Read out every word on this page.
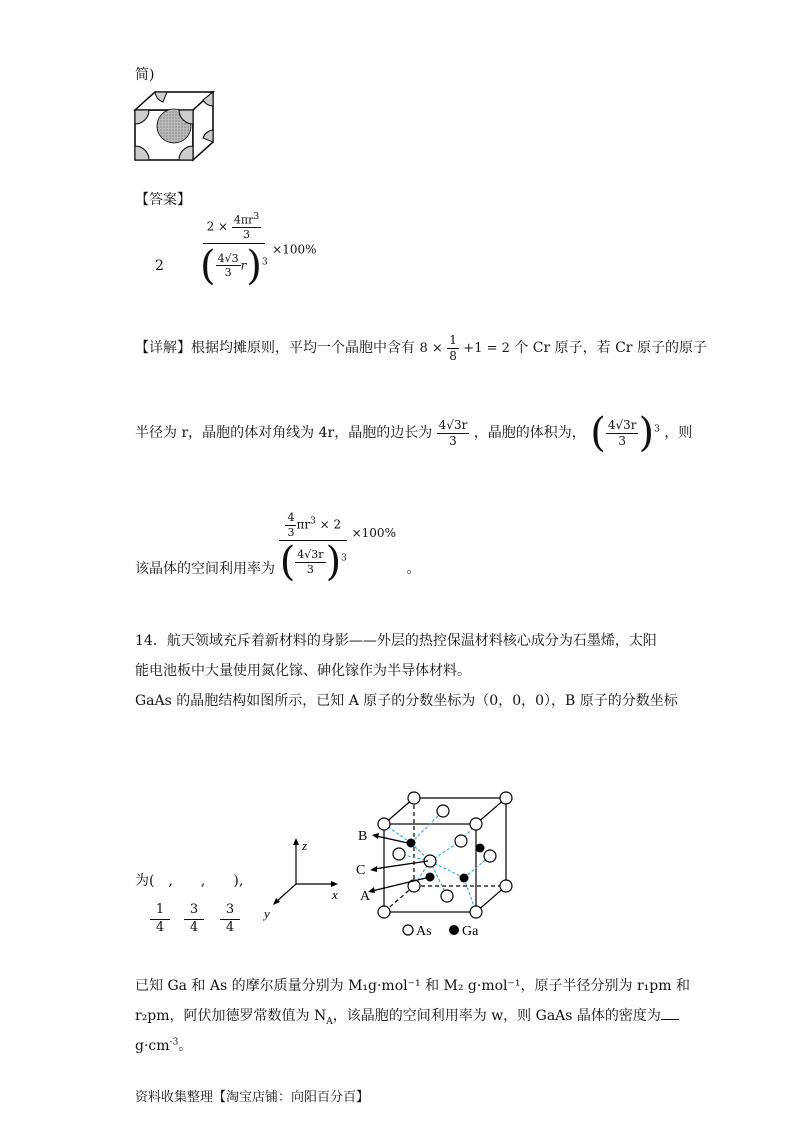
简)
【答案】
2	$\frac{2 \times \frac{4\pi r^3}{3}}{( \frac{4√3}{3} r)^3} \times 100\%$
【详解】根据均摊原则，平均一个晶胞中含有 $8 \times \frac{1}{8} +1 = 2$ 个 Cr 原子，若 Cr 原子的原子
半径为 r，晶胞的体对角线为 4r，晶胞的边长为 $\frac{4√3r}{3}$ ，晶胞的体积为， ( $\frac{4√3r}{3} )^3$ ，则
该晶体的空间利用率为 $\frac{\frac{4}{3} \pi r^3 \times 2}{( \frac{4√3r}{3} )^3} \times 100\%$ 。
14．航天领域充斥着新材料的身影——外层的热控保温材料核心成分为石墨烯，太阳
能电池板中大量使用氮化镓、砷化镓作为半导体材料。
GaAs 的晶胞结构如图所示，已知 A 原子的分数坐标为（0，0，0），B 原子的分数坐标
为(　,　　,　　),
1
4
3
4
3
4
z
x
y
B
C
A
As Ga
已知 Ga 和 As 的摩尔质量分别为 M₁g·mol⁻¹ 和 M₂ g·mol⁻¹，原子半径分别为 r₁pm 和
r₂pm，阿伏加德罗常数值为 $N_A$，该晶胞的空间利用率为 w，则 GaAs 晶体的密度为
$g\cdot cm^{-3}$。
资料收集整理【淘宝店铺：向阳百分百】
